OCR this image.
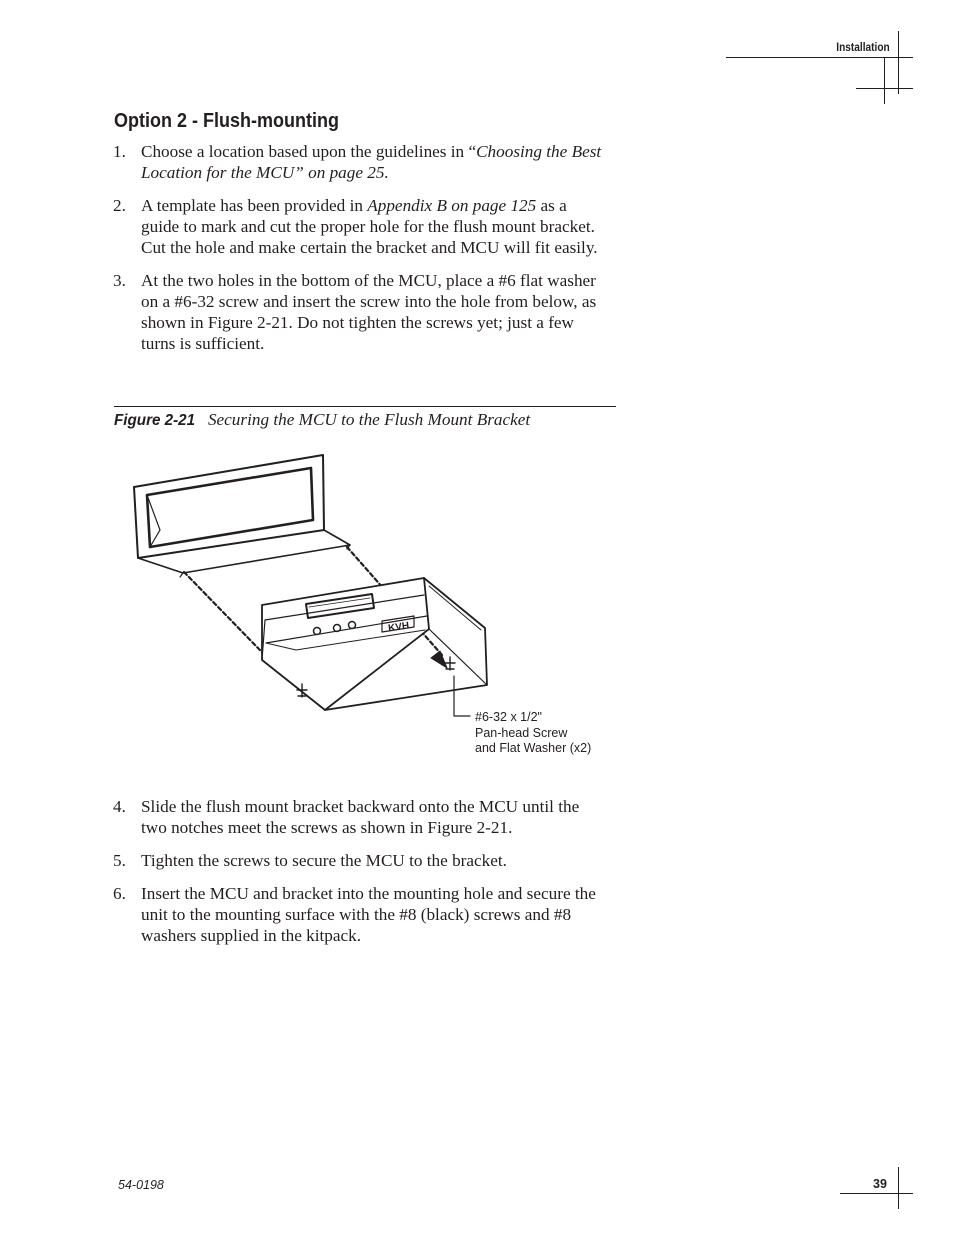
Installation
Option 2 - Flush-mounting
1. Choose a location based upon the guidelines in “Choosing the Best Location for the MCU” on page 25.
2. A template has been provided in Appendix B on page 125 as a guide to mark and cut the proper hole for the flush mount bracket. Cut the hole and make certain the bracket and MCU will fit easily.
3. At the two holes in the bottom of the MCU, place a #6 flat washer on a #6-32 screw and insert the screw into the hole from below, as shown in Figure 2-21. Do not tighten the screws yet; just a few turns is sufficient.
Figure 2-21 Securing the MCU to the Flush Mount Bracket
KVH
#6-32 x 1/2"
Pan-head Screw
and Flat Washer (x2)
4. Slide the flush mount bracket backward onto the MCU until the two notches meet the screws as shown in Figure 2-21.
5. Tighten the screws to secure the MCU to the bracket.
6. Insert the MCU and bracket into the mounting hole and secure the unit to the mounting surface with the #8 (black) screws and #8 washers supplied in the kitpack.
54-0198	39
